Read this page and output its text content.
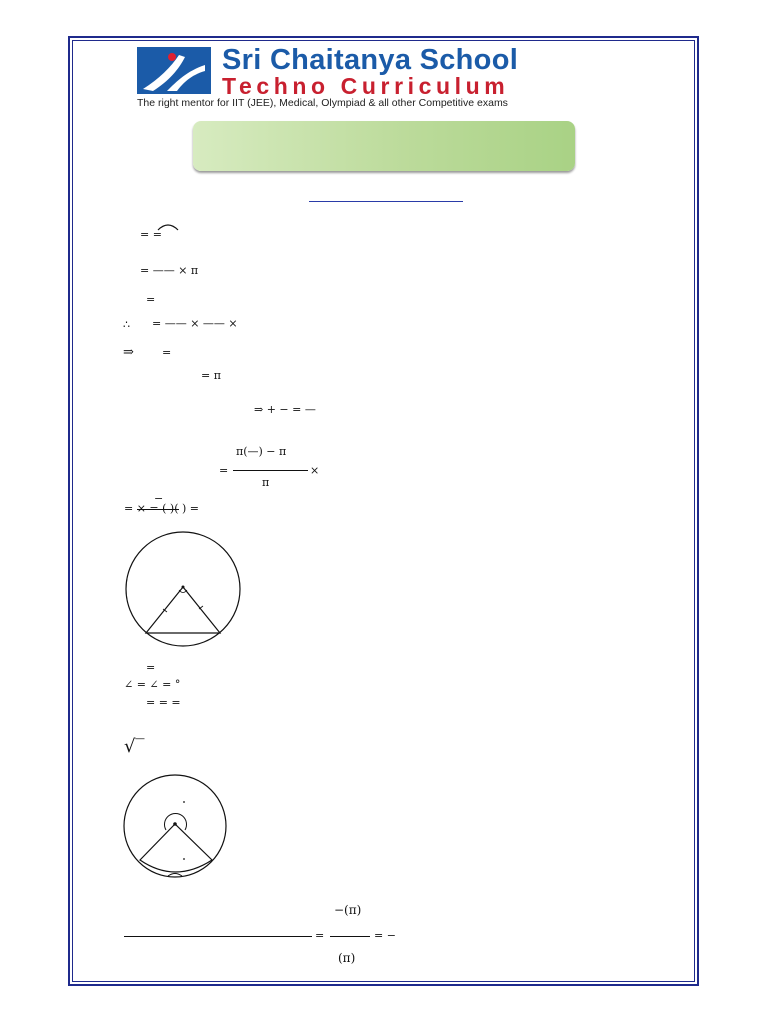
Sri Chaitanya School
Techno Curriculum
The right mentor for IIT (JEE), Medical, Olympiad & all other Competitive exams
= =
= —— × π
=
∴ = —— × —— ×
⇒	=
= π
⇒ + − = —
π(—) − π
=
π
×
−
= × = ( )( ) =
=
∠ = ∠ = °
= = =
√‾
=
−(π)
(π)
= −
